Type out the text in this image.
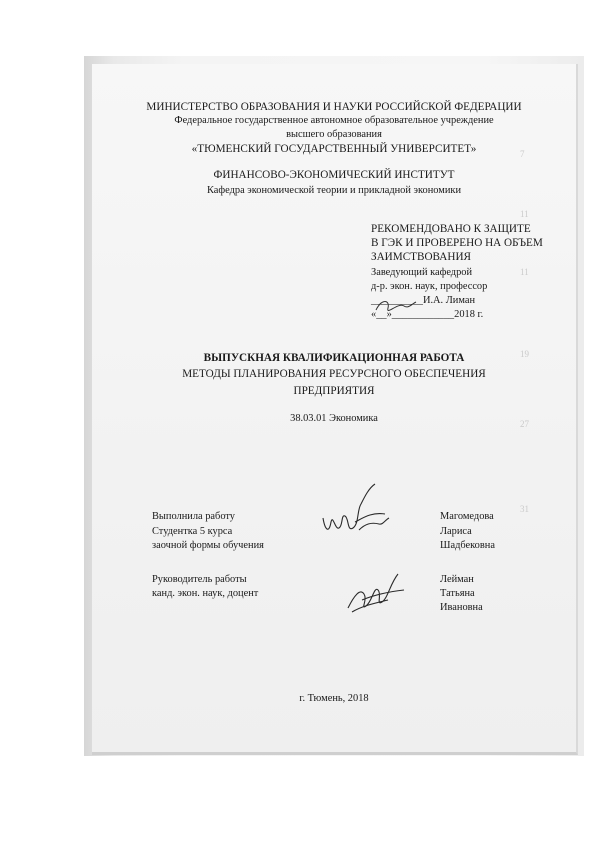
7
11
11
19
27
31
МИНИСТЕРСТВО ОБРАЗОВАНИЯ И НАУКИ РОССИЙСКОЙ ФЕДЕРАЦИИ
Федеральное государственное автономное образовательное учреждение
высшего образования
«ТЮМЕНСКИЙ ГОСУДАРСТВЕННЫЙ УНИВЕРСИТЕТ»
ФИНАНСОВО-ЭКОНОМИЧЕСКИЙ ИНСТИТУТ
Кафедра экономической теории и прикладной экономики
РЕКОМЕНДОВАНО К ЗАЩИТЕ
В ГЭК И ПРОВЕРЕНО НА ОБЪЕМ
ЗАИМСТВОВАНИЯ
Заведующий кафедрой
д-р. экон. наук, профессор
__________И.А. Лиман
«__»____________2018 г.
ВЫПУСКНАЯ КВАЛИФИКАЦИОННАЯ РАБОТА
МЕТОДЫ ПЛАНИРОВАНИЯ РЕСУРСНОГО ОБЕСПЕЧЕНИЯ
ПРЕДПРИЯТИЯ
38.03.01 Экономика
Выполнила работу
Студентка 5 курса
заочной формы обучения
Магомедова
Лариса
Шадбековна
Руководитель работы
канд. экон. наук, доцент
Лейман
Татьяна
Ивановна
г. Тюмень, 2018
